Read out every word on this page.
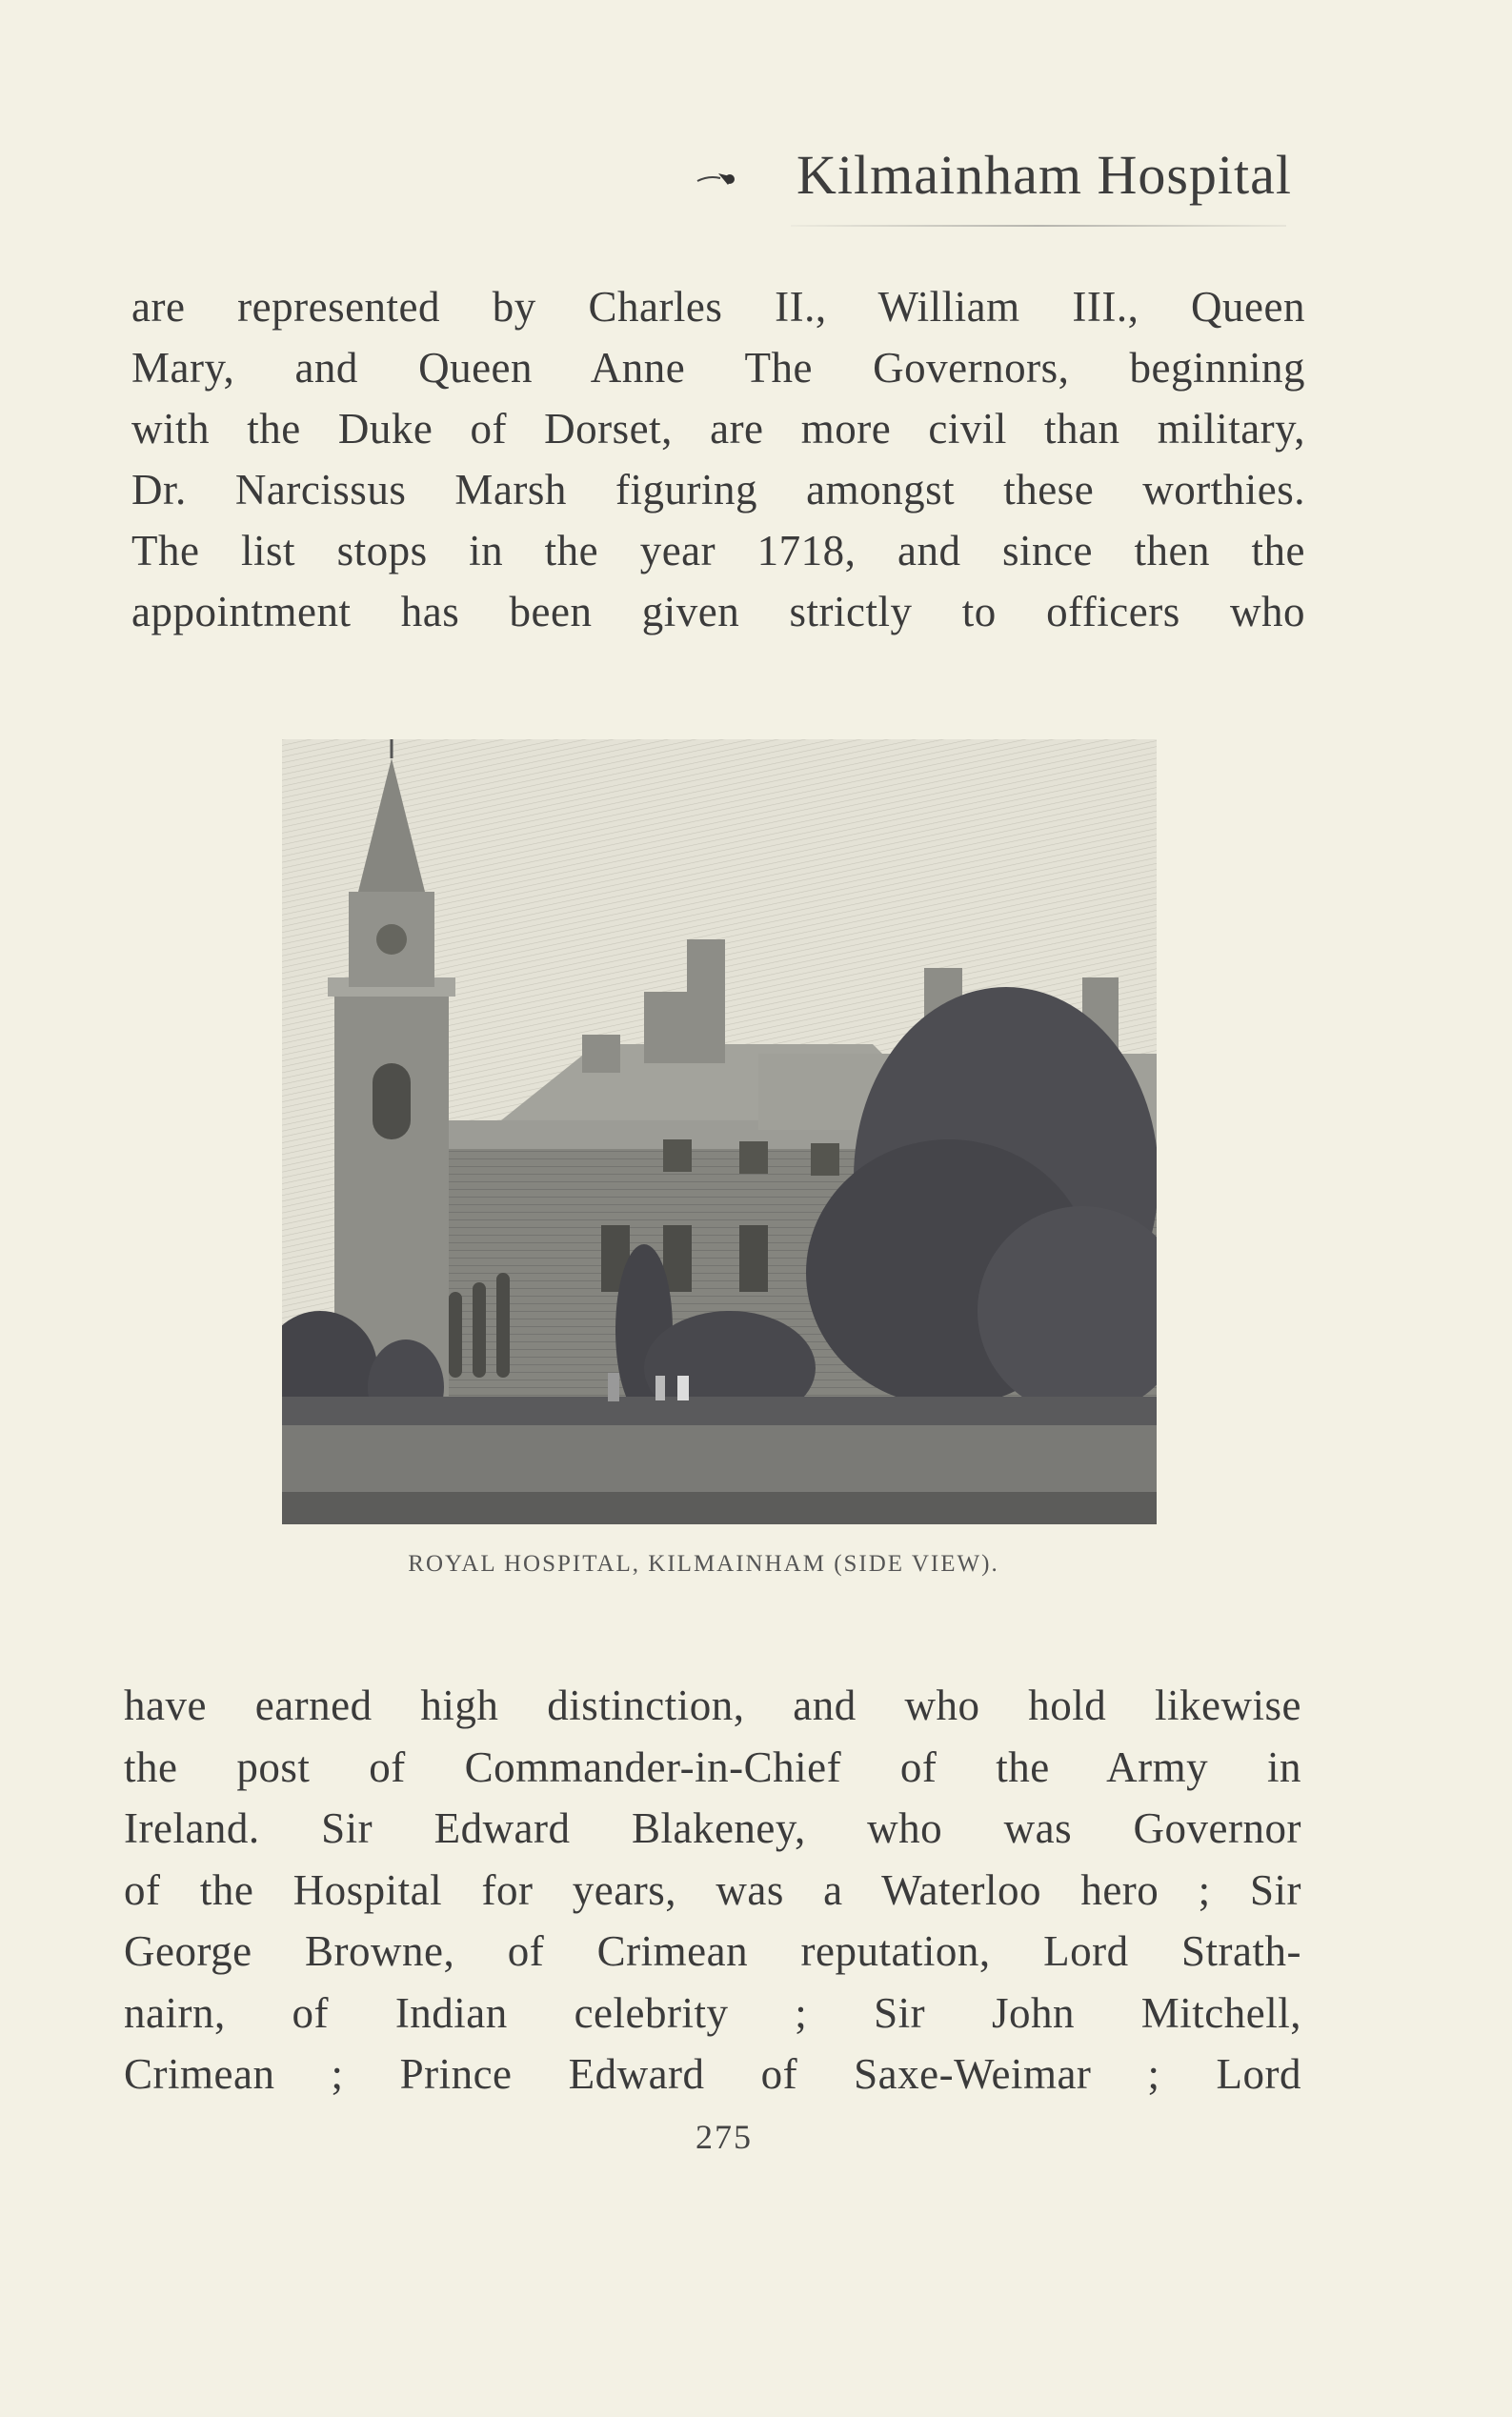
Kilmainham Hospital
are represented by Charles II., William III., Queen
Mary, and Queen Anne The Governors, beginning
with the Duke of Dorset, are more civil than military,
Dr. Narcissus Marsh figuring amongst these worthies.
The list stops in the year 1718, and since then the
appointment has been given strictly to officers who
ROYAL HOSPITAL, KILMAINHAM (SIDE VIEW).
have earned high distinction, and who hold likewise
the post of Commander-in-Chief of the Army in
Ireland. Sir Edward Blakeney, who was Governor
of the Hospital for years, was a Waterloo hero ; Sir
George Browne, of Crimean reputation, Lord Strath-
nairn, of Indian celebrity ; Sir John Mitchell,
Crimean ; Prince Edward of Saxe-Weimar ; Lord
275
